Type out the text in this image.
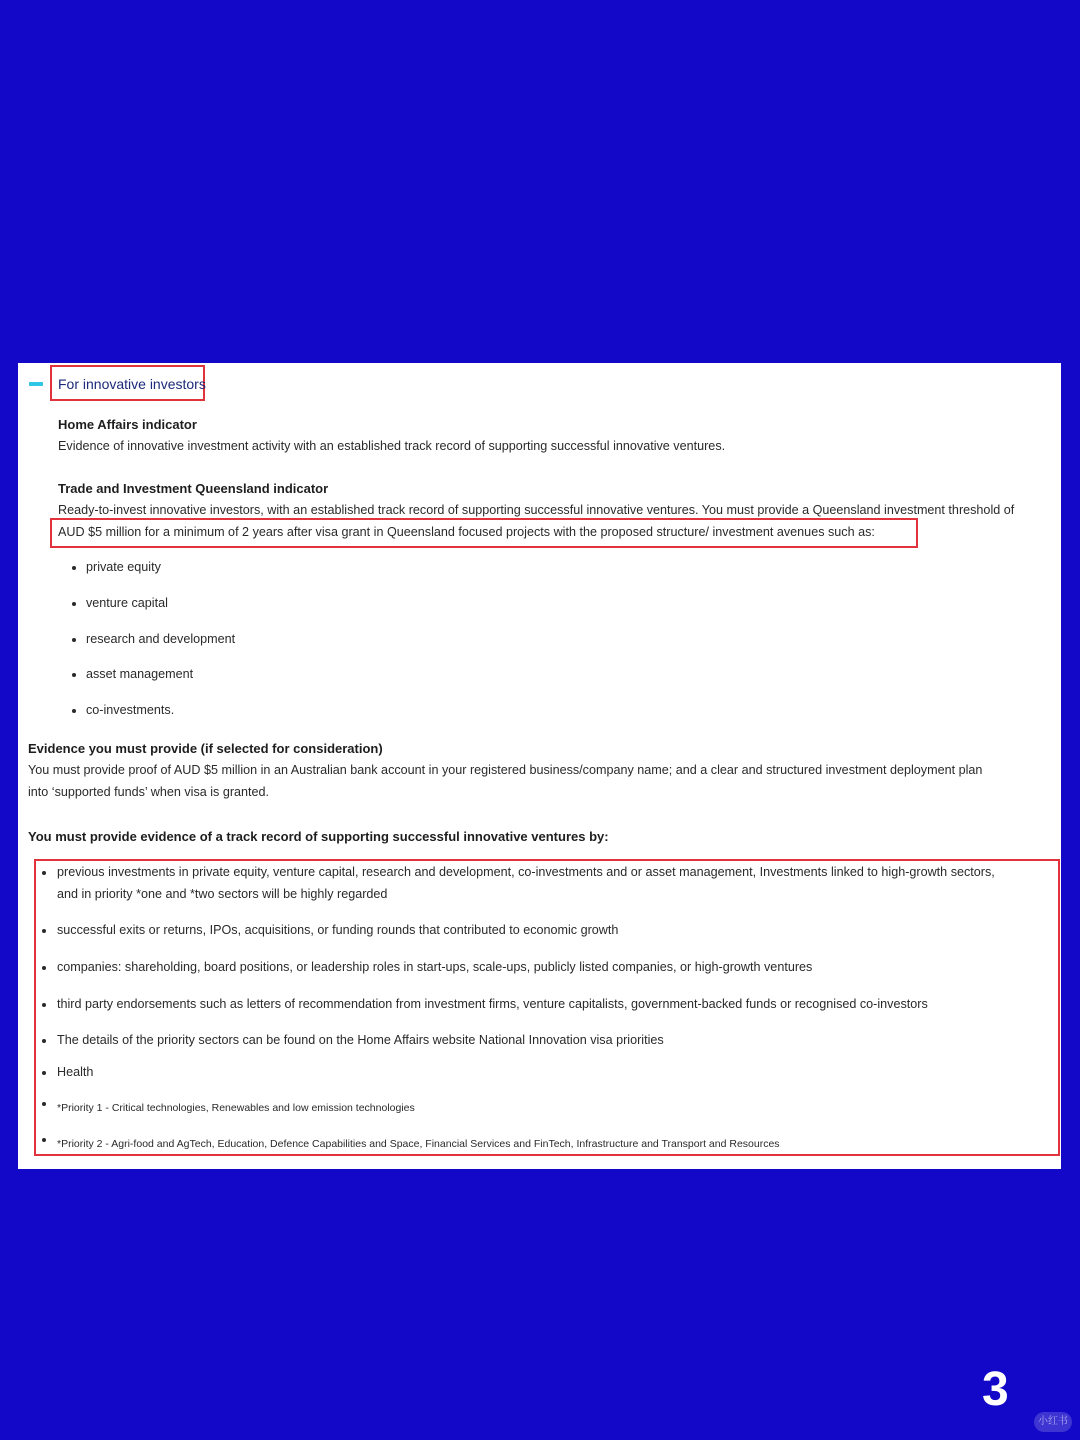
For innovative investors
Home Affairs indicator
Evidence of innovative investment activity with an established track record of supporting successful innovative ventures.
Trade and Investment Queensland indicator
Ready-to-invest innovative investors, with an established track record of supporting successful innovative ventures. You must provide a Queensland investment threshold of
AUD $5 million for a minimum of 2 years after visa grant in Queensland focused projects with the proposed structure/ investment avenues such as:
private equity
venture capital
research and development
asset management
co-investments.
Evidence you must provide (if selected for consideration)
You must provide proof of AUD $5 million in an Australian bank account in your registered business/company name; and a clear and structured investment deployment plan
into ‘supported funds’ when visa is granted.
You must provide evidence of a track record of supporting successful innovative ventures by:
previous investments in private equity, venture capital, research and development, co-investments and or asset management, Investments linked to high-growth sectors,
and in priority *one and *two sectors will be highly regarded
successful exits or returns, IPOs, acquisitions, or funding rounds that contributed to economic growth
companies: shareholding, board positions, or leadership roles in start-ups, scale-ups, publicly listed companies, or high-growth ventures
third party endorsements such as letters of recommendation from investment firms, venture capitalists, government-backed funds or recognised co-investors
The details of the priority sectors can be found on the Home Affairs website National Innovation visa priorities
Health
*Priority 1 - Critical technologies, Renewables and low emission technologies
*Priority 2 - Agri-food and AgTech, Education, Defence Capabilities and Space, Financial Services and FinTech, Infrastructure and Transport and Resources
3
小红书
